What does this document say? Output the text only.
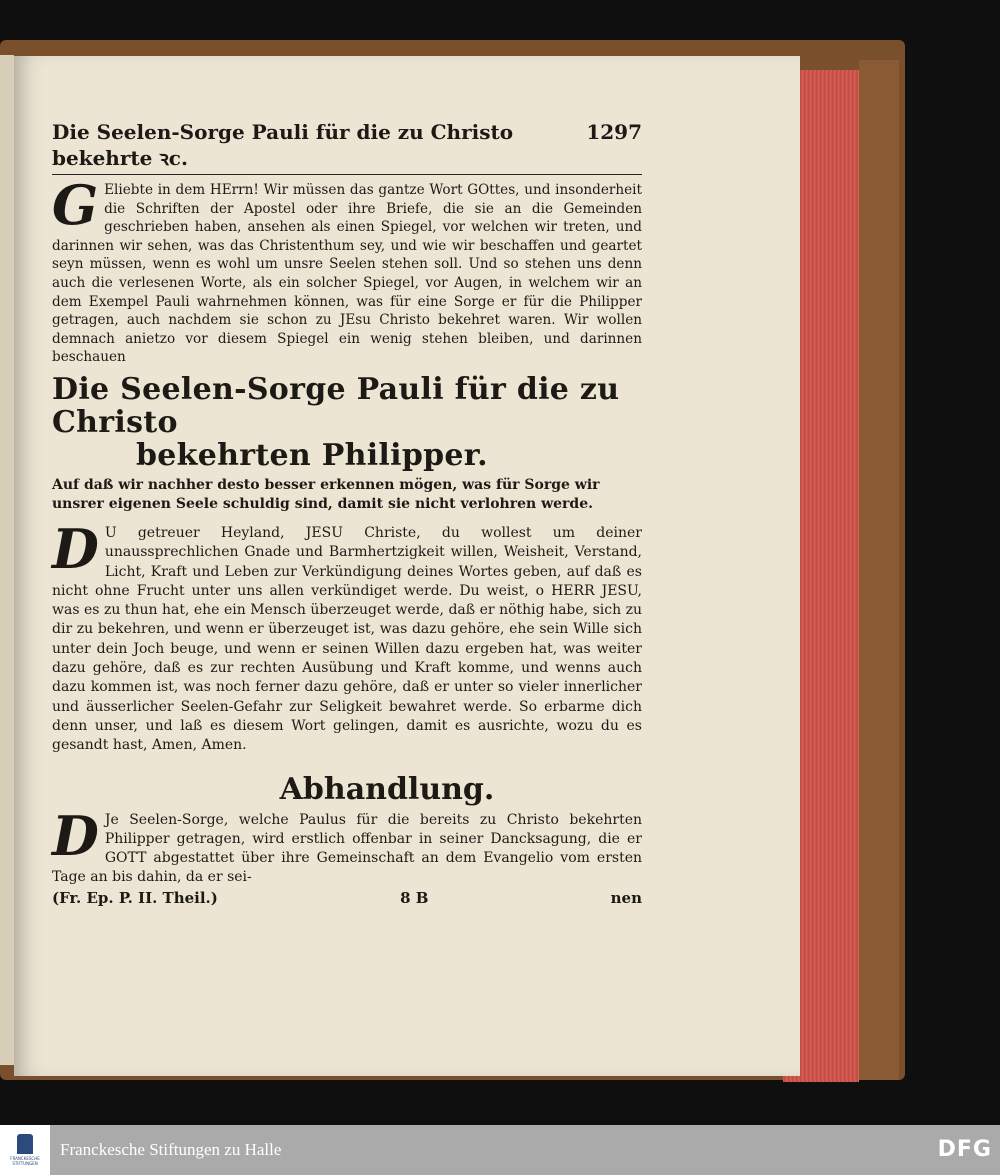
Die Seelen-Sorge Pauli für die zu Christo bekehrte ꝛc.
1297

G Eliebte in dem HErrn! Wir müssen das gantze Wort GOttes, und insonderheit die Schriften der Apostel oder ihre Briefe, die sie an die Gemeinden geschrieben haben, ansehen als einen Spiegel, vor welchen wir treten, und darinnen wir sehen, was das Christenthum sey, und wie wir beschaffen und geartet seyn müssen, wenn es wohl um unsre Seelen stehen soll. Und so stehen uns denn auch die verlesenen Worte, als ein solcher Spiegel, vor Augen, in welchem wir an dem Exempel Pauli wahrnehmen können, was für eine Sorge er für die Philipper getragen, auch nachdem sie schon zu JEsu Christo bekehret waren. Wir wollen demnach anietzo vor diesem Spiegel ein wenig stehen bleiben, und darinnen beschauen

Die Seelen-Sorge Pauli für die zu Christo
bekehrten Philipper.
Auf daß wir nachher desto besser erkennen mögen, was für Sorge wir unsrer eigenen Seele schuldig sind, damit sie nicht verlohren werde.

D U getreuer Heyland, JESU Christe, du wollest um deiner unaussprechlichen Gnade und Barmhertzigkeit willen, Weisheit, Verstand, Licht, Kraft und Leben zur Verkündigung deines Wortes geben, auf daß es nicht ohne Frucht unter uns allen verkündiget werde. Du weist, o HERR JESU, was es zu thun hat, ehe ein Mensch überzeuget werde, daß er nöthig habe, sich zu dir zu bekehren, und wenn er überzeuget ist, was dazu gehöre, ehe sein Wille sich unter dein Joch beuge, und wenn er seinen Willen dazu ergeben hat, was weiter dazu gehöre, daß es zur rechten Ausübung und Kraft komme, und wenns auch dazu kommen ist, was noch ferner dazu gehöre, daß er unter so vieler innerlicher und äusserlicher Seelen-Gefahr zur Seligkeit bewahret werde. So erbarme dich denn unser, und laß es diesem Wort gelingen, damit es ausrichte, wozu du es gesandt hast, Amen, Amen.

Abhandlung.

D Je Seelen-Sorge, welche Paulus für die bereits zu Christo bekehrten Philipper getragen, wird erstlich offenbar in seiner Dancksagung, die er GOTT abgestattet über ihre Gemeinschaft an dem Evangelio vom ersten Tage an bis dahin, da er sei-

(Fr. Ep. P. II. Theil.)	8 B	nen
FRANCKESCHE STIFTUNGEN
Franckesche Stiftungen zu Halle	DFG
